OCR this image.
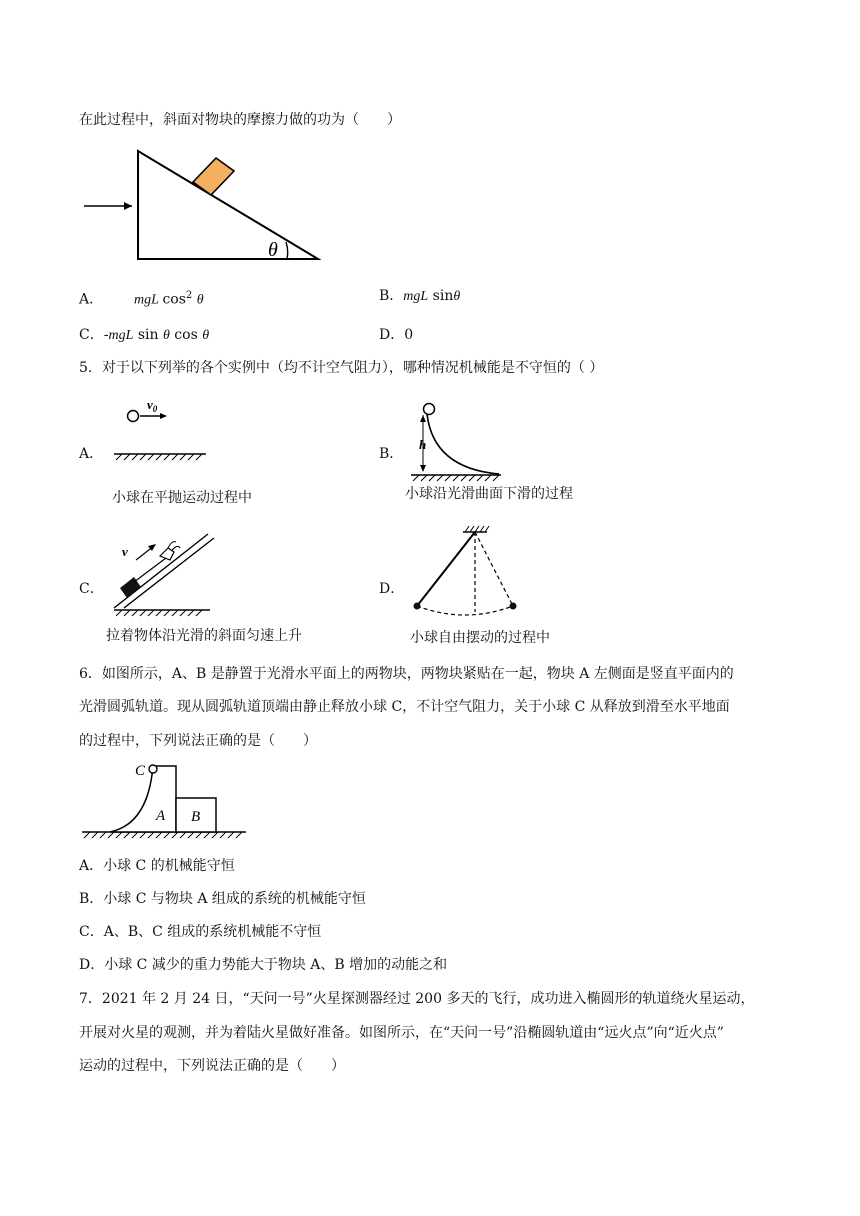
在此过程中，斜面对物块的摩擦力做的功为（　　）
θ
A． mgL $\cos^2 \theta$	B．mgL sinθ
C．-mgL sin θ cos θ	D．0
5．对于以下列举的各个实例中（均不计空气阻力），哪种情况机械能是不守恒的（ ）
A．
$v_0$
小球在平抛运动过程中
B．
h
小球沿光滑曲面下滑的过程
C．
v
拉着物体沿光滑的斜面匀速上升
D．
小球自由摆动的过程中
6．如图所示，A、B 是静置于光滑水平面上的两物块，两物块紧贴在一起，物块 A 左侧面是竖直平面内的
光滑圆弧轨道。现从圆弧轨道顶端由静止释放小球 C，不计空气阻力，关于小球 C 从释放到滑至水平地面
的过程中，下列说法正确的是（　　）
C
A B
A．小球 C 的机械能守恒
B．小球 C 与物块 A 组成的系统的机械能守恒
C．A、B、C 组成的系统机械能不守恒
D．小球 C 减少的重力势能大于物块 A、B 增加的动能之和
7．2021 年 2 月 24 日，“天问一号”火星探测器经过 200 多天的飞行，成功进入椭圆形的轨道绕火星运动，
开展对火星的观测，并为着陆火星做好准备。如图所示，在“天问一号”沿椭圆轨道由“远火点”向“近火点”
运动的过程中，下列说法正确的是（　　）
